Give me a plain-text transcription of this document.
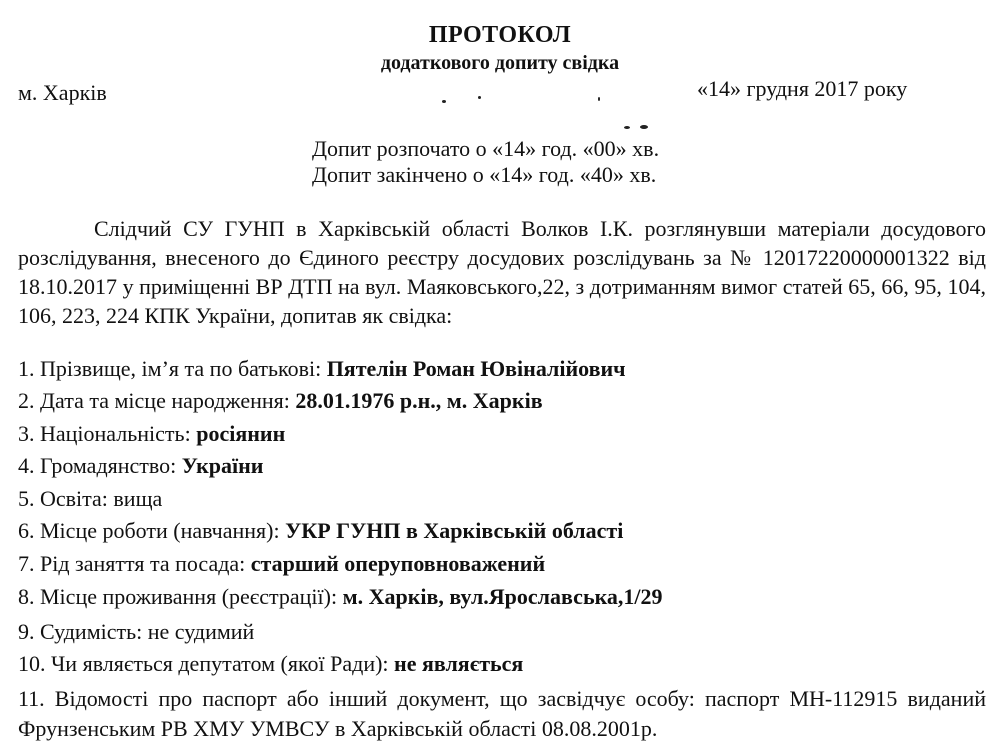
ПРОТОКОЛ
додаткового допиту свідка
м. Харків	«14» грудня 2017 року
Допит розпочато о «14» год. «00» хв.
Допит закінчено о «14» год. «40» хв.
Слідчий СУ ГУНП в Харківській області Волков І.К. розглянувши матеріали досудового розслідування, внесеного до Єдиного реєстру досудових розслідувань за № 12017220000001322 від 18.10.2017 у приміщенні ВР ДТП на вул. Маяковського,22, з дотриманням вимог статей 65, 66, 95, 104, 106, 223, 224 КПК України, допитав як свідка:
1. Прізвище, ім’я та по батькові: Пятелін Роман Ювіналійович
2. Дата та місце народження: 28.01.1976 р.н., м. Харків
3. Національність: росіянин
4. Громадянство: України
5. Освіта: вища
6. Місце роботи (навчання): УКР ГУНП в Харківській області
7. Рід заняття та посада: старший оперуповноважений
8. Місце проживання (реєстрації): м. Харків, вул.Ярославська,1/29
9. Судимість: не судимий
10. Чи являється депутатом (якої Ради): не являється
11. Відомості про паспорт або інший документ, що засвідчує особу: паспорт МН-112915 виданий Фрунзенським РВ ХМУ УМВСУ в Харківській області 08.08.2001р.
